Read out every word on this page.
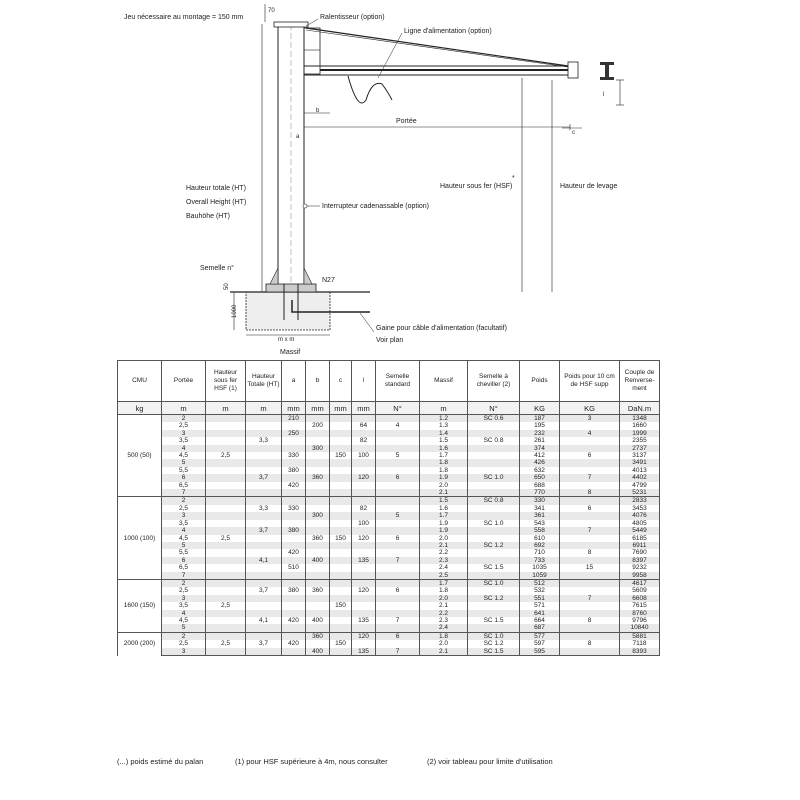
l
70
Portée
b
c
1000
50
a
Jeu nécessaire au montage = 150 mm	Ralentisseur (option)
Ligne d'alimentation (option)
Hauteur totale (HT)
Overall Height (HT)
Bauhöhe (HT)
Hauteur sous fer (HSF)
*
Hauteur de levage
Interrupteur cadenassable (option)
Semelle n°
N27
Gaine pour câble d'alimentation (facultatif)
Voir plan
m x m
Massif
CMU	Portée	Hauteur sous fer HSF (1)	Hauteur Totale (HT)	a	b	c	l	Semelle standard	Massif	Semelle à cheviller (2)	Poids	Poids pour 10 cm de HSF supp	Couple de Renverse-ment
kg	m	m	m	mm	mm	mm	mm	N°	m	N°	KG	KG	DaN.m
500 (50)	2			210					1.2	SC 0.6	187	3	1348
	2,5				200		64	4	1.3		195		1660
	3			250					1.4		232	4	1999
	3,5		3,3				82		1.5	SC 0.8	261		2355
	4				300				1.6		374		2737
	4,5	2,5		330		150	100	5	1.7		412	6	3137
	5								1.8		426		3491
	5,5			380					1.8		632		4013
	6		3,7		360		120	6	1.9	SC 1.0	650	7	4402
	6,5			420					2.0		688		4799
	7								2.1		770	8	5231
1000 (100)	2								1.5	SC 0.8	330		2833
	2,5		3,3	330			82		1.6		341	6	3453
	3				300			5	1.7		361		4076
	3,5						100		1.9	SC 1.0	543		4805
	4		3,7	380					1.9		558	7	5449
	4,5	2,5			360	150	120	6	2.0		610		6185
	5								2.1	SC 1.2	692		6911
	5,5			420					2.2		710	8	7690
	6		4,1		400		135	7	2.3		733		8397
	6,5			510					2.4	SC 1.5	1035	15	9232
	7								2.5		1059		9958
1600 (150)	2								1.7	SC 1.0	512		4617
	2,5		3,7	380	360		120	6	1.8		532		5609
	3								2.0	SC 1.2	551	7	6608
	3,5	2,5				150			2.1		571		7615
	4								2.2		641		8760
	4,5		4,1	420	400		135	7	2.3	SC 1.5	664	8	9796
	5								2.4		687		10840
2000 (200)	2				360		120	6	1.8	SC 1.0	577		5881
	2,5	2,5	3,7	420		150			2.0	SC 1.2	597	8	7118
	3				400		135	7	2.1	SC 1.5	595		8393
(...) poids estimé du palan	(1) pour HSF supérieure à 4m, nous consulter	(2) voir tableau pour limite d'utilisation
